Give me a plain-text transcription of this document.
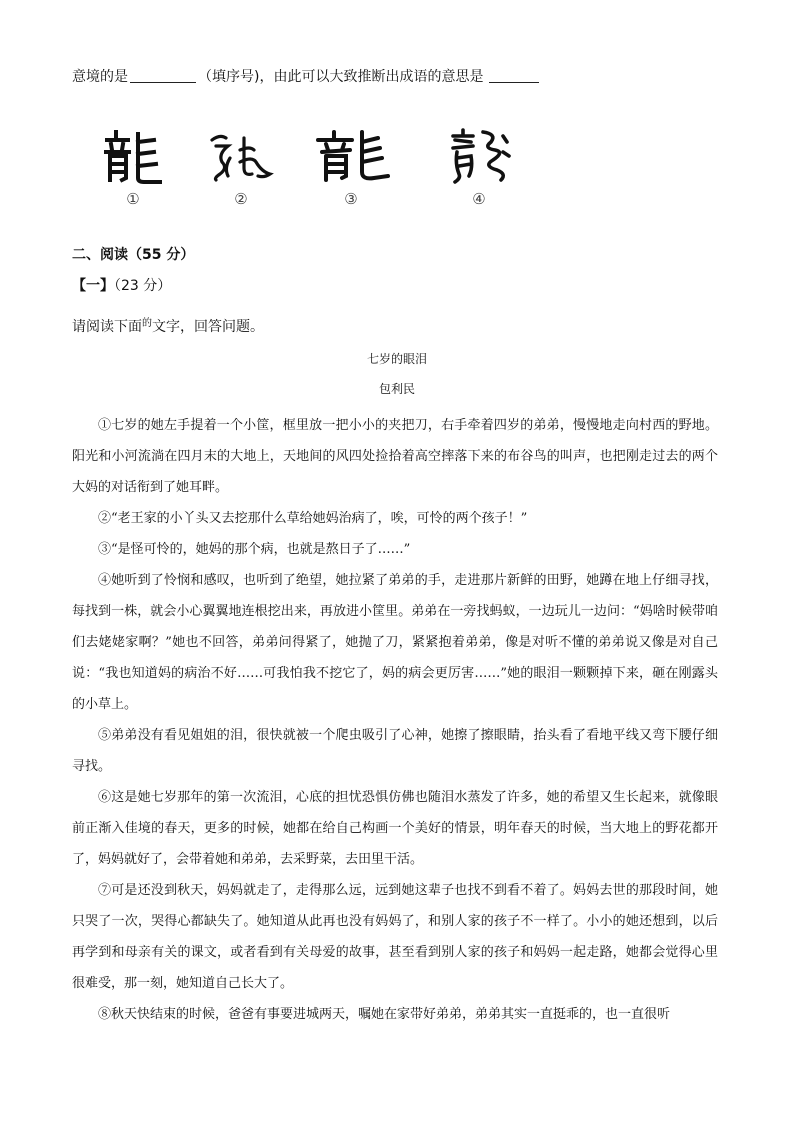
意境的是	（填序号)，由此可以大致推断出成语的意思是
①	②	③	④
二、阅读（55 分）
【一】（23 分）
请阅读下面$^的$文字，回答问题。
七岁的眼泪
包利民

①七岁的她左手提着一个小筐，框里放一把小小的夹把刀，右手牵着四岁的弟弟，慢慢地走向村西的野地。阳光和小河流淌在四月末的大地上，天地间的风四处捡拾着高空摔落下来的布谷鸟的叫声，也把刚走过去的两个大妈的对话衔到了她耳畔。

②“老王家的小丫头又去挖那什么草给她妈治病了，唉，可怜的两个孩子！”

③“是怪可怜的，她妈的那个病，也就是熬日子了……”

④她听到了怜悯和感叹，也听到了绝望，她拉紧了弟弟的手，走进那片新鲜的田野，她蹲在地上仔细寻找，每找到一株，就会小心翼翼地连根挖出来，再放进小筐里。弟弟在一旁找蚂蚁，一边玩儿一边问：“妈啥时候带咱们去姥姥家啊？”她也不回答，弟弟问得紧了，她抛了刀，紧紧抱着弟弟，像是对听不懂的弟弟说又像是对自己说：“我也知道妈的病治不好……可我怕我不挖它了，妈的病会更厉害……”她的眼泪一颗颗掉下来，砸在刚露头的小草上。

⑤弟弟没有看见姐姐的泪，很快就被一个爬虫吸引了心神，她擦了擦眼睛，抬头看了看地平线又弯下腰仔细寻找。

⑥这是她七岁那年的第一次流泪，心底的担忧恐惧仿佛也随泪水蒸发了许多，她的希望又生长起来，就像眼前正渐入佳境的春天，更多的时候，她都在给自己构画一个美好的情景，明年春天的时候，当大地上的野花都开了，妈妈就好了，会带着她和弟弟，去采野菜，去田里干活。

⑦可是还没到秋天，妈妈就走了，走得那么远，远到她这辈子也找不到看不着了。妈妈去世的那段时间，她只哭了一次，哭得心都缺失了。她知道从此再也没有妈妈了，和别人家的孩子不一样了。小小的她还想到，以后再学到和母亲有关的课文，或者看到有关母爱的故事，甚至看到别人家的孩子和妈妈一起走路，她都会觉得心里很难受，那一刻，她知道自己长大了。

⑧秋天快结束的时候，爸爸有事要进城两天，嘱她在家带好弟弟，弟弟其实一直挺乖的，也一直很听
